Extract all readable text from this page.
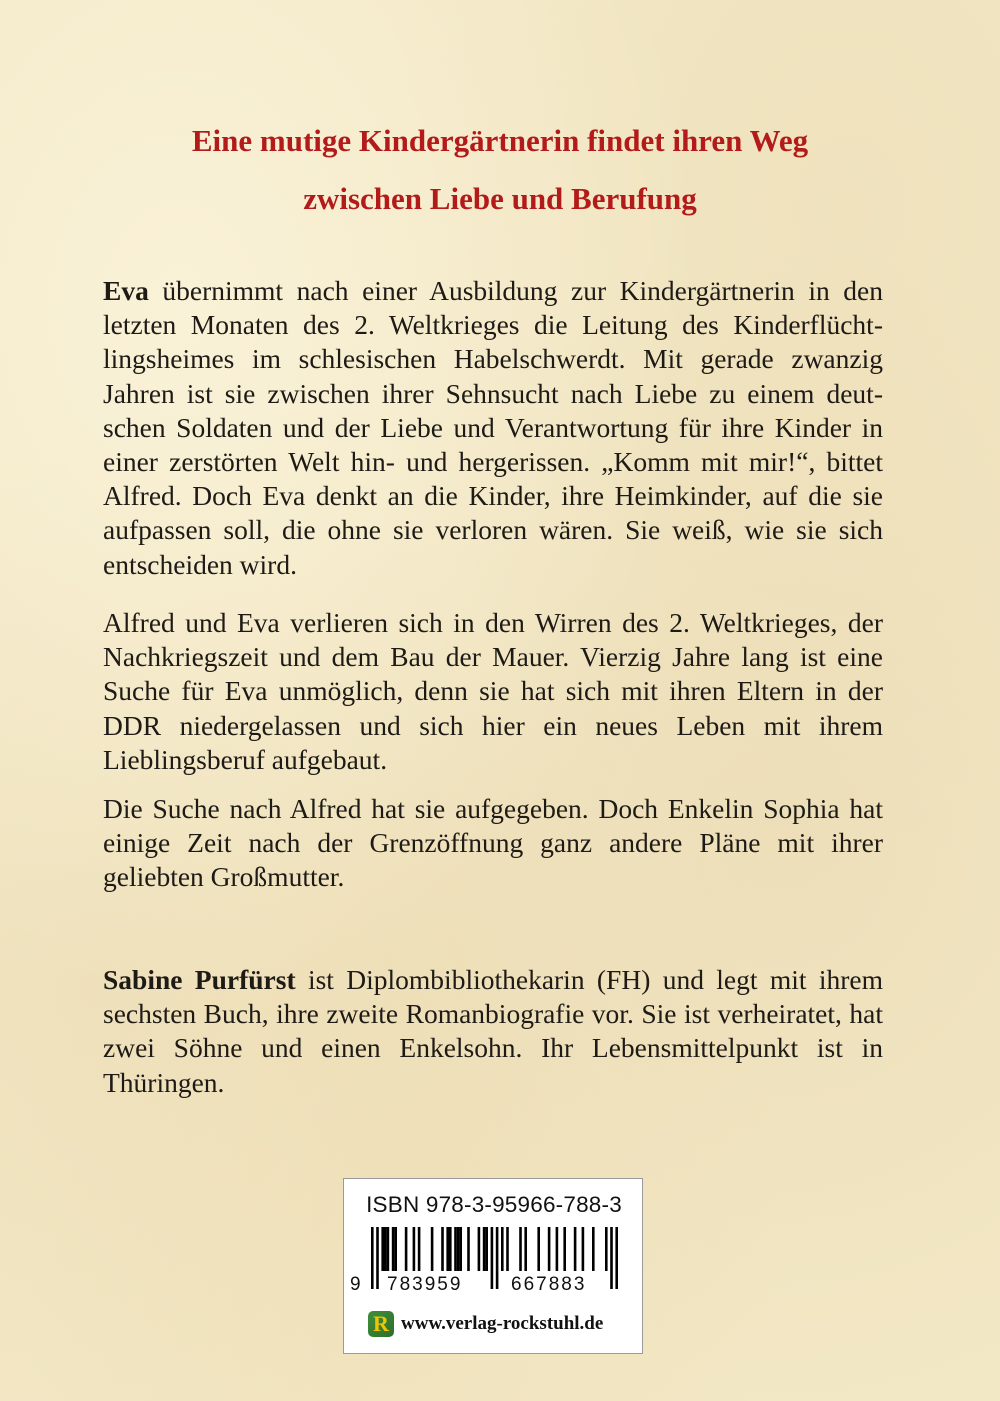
Eine mutige Kindergärtnerin findet ihren Weg
zwischen Liebe und Berufung

Eva übernimmt nach einer Ausbildung zur Kindergärtnerin in den letzten Monaten des 2. Weltkrieges die Leitung des Kinderflüchtlingsheimes im schlesischen Habelschwerdt. Mit gerade zwanzig Jahren ist sie zwischen ihrer Sehnsucht nach Liebe zu einem deutschen Soldaten und der Liebe und Verantwortung für ihre Kinder in einer zerstörten Welt hin- und hergerissen. „Komm mit mir!“, bittet Alfred. Doch Eva denkt an die Kinder, ihre Heimkinder, auf die sie aufpassen soll, die ohne sie verloren wären. Sie weiß, wie sie sich entscheiden wird.

Alfred und Eva verlieren sich in den Wirren des 2. Weltkrieges, der Nachkriegszeit und dem Bau der Mauer. Vierzig Jahre lang ist eine Suche für Eva unmöglich, denn sie hat sich mit ihren Eltern in der DDR niedergelassen und sich hier ein neues Leben mit ihrem Lieblingsberuf aufgebaut.

Die Suche nach Alfred hat sie aufgegeben. Doch Enkelin Sophia hat einige Zeit nach der Grenzöffnung ganz andere Pläne mit ihrer geliebten Großmutter.

Sabine Purfürst ist Diplombibliothekarin (FH) und legt mit ihrem sechsten Buch, ihre zweite Romanbiografie vor. Sie ist verheiratet, hat zwei Söhne und einen Enkelsohn. Ihr Lebensmittelpunkt ist in Thüringen.

ISBN 978-3-95966-788-3
9 783959	667883
R www.verlag-rockstuhl.de
